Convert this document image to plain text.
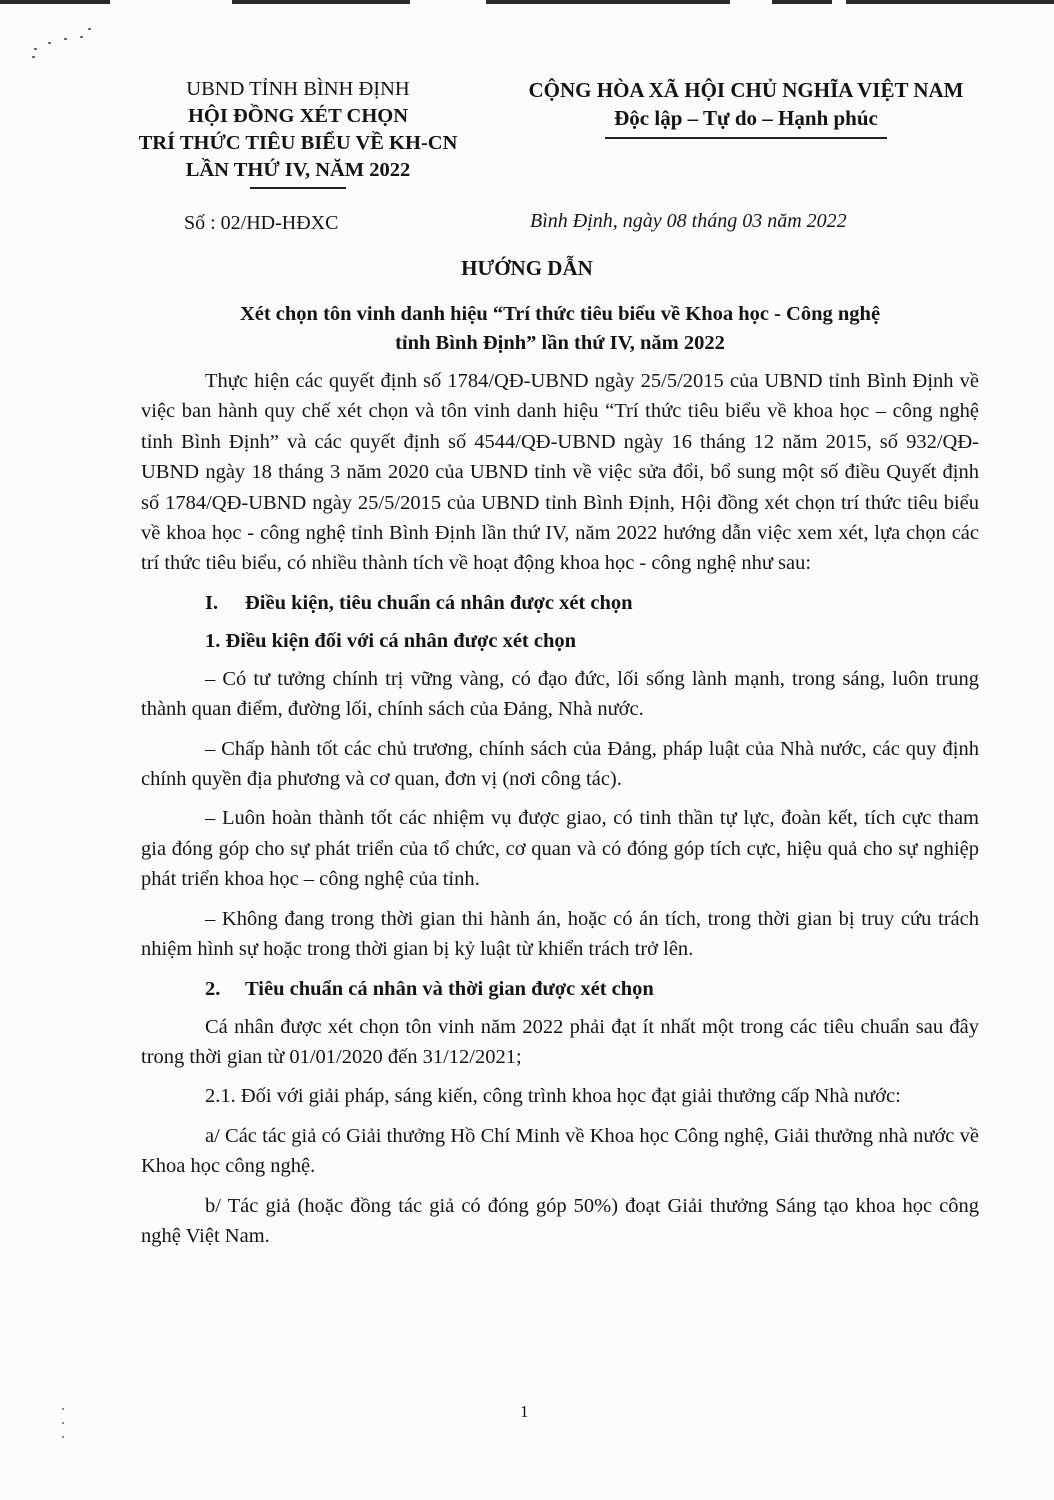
UBND TỈNH BÌNH ĐỊNH
HỘI ĐỒNG XÉT CHỌN
TRÍ THỨC TIÊU BIỂU VỀ KH-CN
LẦN THỨ IV, NĂM 2022
CỘNG HÒA XÃ HỘI CHỦ NGHĨA VIỆT NAM
Độc lập – Tự do – Hạnh phúc
Số : 02/HD-HĐXC	Bình Định, ngày 08 tháng 03 năm 2022
HƯỚNG DẪN
Xét chọn tôn vinh danh hiệu “Trí thức tiêu biểu về Khoa học - Công nghệ
tỉnh Bình Định” lần thứ IV, năm 2022

Thực hiện các quyết định số 1784/QĐ-UBND ngày 25/5/2015 của UBND tỉnh Bình Định về việc ban hành quy chế xét chọn và tôn vinh danh hiệu “Trí thức tiêu biểu về khoa học – công nghệ tỉnh Bình Định” và các quyết định số 4544/QĐ-UBND ngày 16 tháng 12 năm 2015, số 932/QĐ-UBND ngày 18 tháng 3 năm 2020 của UBND tỉnh về việc sửa đổi, bổ sung một số điều Quyết định số 1784/QĐ-UBND ngày 25/5/2015 của UBND tỉnh Bình Định, Hội đồng xét chọn trí thức tiêu biểu về khoa học - công nghệ tỉnh Bình Định lần thứ IV, năm 2022 hướng dẫn việc xem xét, lựa chọn các trí thức tiêu biểu, có nhiều thành tích về hoạt động khoa học - công nghệ như sau:

I. Điều kiện, tiêu chuẩn cá nhân được xét chọn
1. Điều kiện đối với cá nhân được xét chọn

– Có tư tưởng chính trị vững vàng, có đạo đức, lối sống lành mạnh, trong sáng, luôn trung thành quan điểm, đường lối, chính sách của Đảng, Nhà nước.

– Chấp hành tốt các chủ trương, chính sách của Đảng, pháp luật của Nhà nước, các quy định chính quyền địa phương và cơ quan, đơn vị (nơi công tác).

– Luôn hoàn thành tốt các nhiệm vụ được giao, có tinh thần tự lực, đoàn kết, tích cực tham gia đóng góp cho sự phát triển của tổ chức, cơ quan và có đóng góp tích cực, hiệu quả cho sự nghiệp phát triển khoa học – công nghệ của tỉnh.

– Không đang trong thời gian thi hành án, hoặc có án tích, trong thời gian bị truy cứu trách nhiệm hình sự hoặc trong thời gian bị kỷ luật từ khiển trách trở lên.

2. Tiêu chuẩn cá nhân và thời gian được xét chọn

Cá nhân được xét chọn tôn vinh năm 2022 phải đạt ít nhất một trong các tiêu chuẩn sau đây trong thời gian từ 01/01/2020 đến 31/12/2021;

2.1. Đối với giải pháp, sáng kiến, công trình khoa học đạt giải thưởng cấp Nhà nước:

a/ Các tác giả có Giải thưởng Hồ Chí Minh về Khoa học Công nghệ, Giải thưởng nhà nước về Khoa học công nghệ.

b/ Tác giả (hoặc đồng tác giả có đóng góp 50%) đoạt Giải thưởng Sáng tạo khoa học công nghệ Việt Nam.

1
